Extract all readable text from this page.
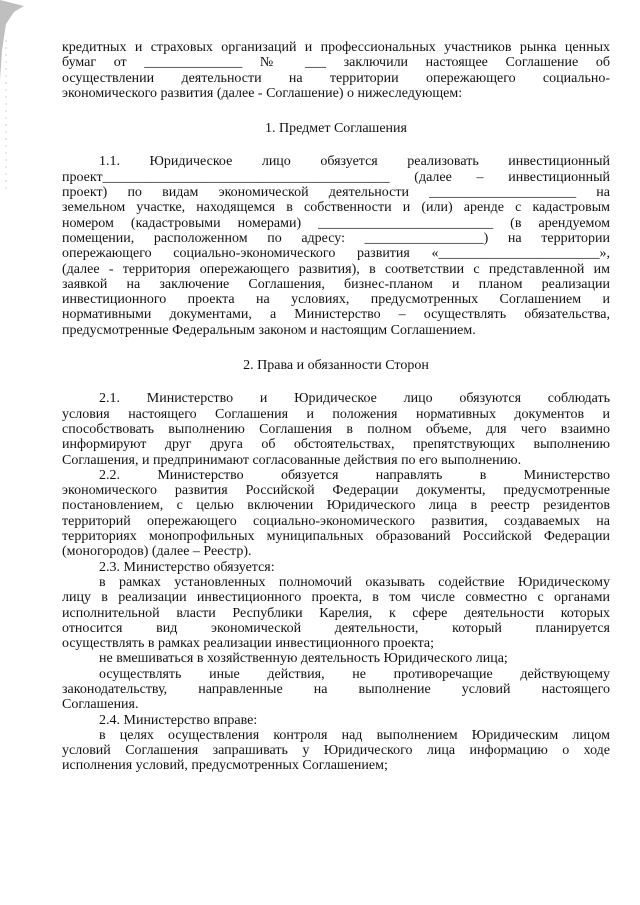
кредитных и страховых организаций и профессиональных участников рынка ценных
бумаг от ______________ № ___ заключили настоящее Соглашение об
осуществлении деятельности на территории опережающего социально-
экономического развития (далее - Соглашение) о нижеследующем:
1. Предмет Соглашения
1.1. Юридическое лицо обязуется реализовать инвестиционный
проект_________________________________________ (далее – инвестиционный
проект) по видам экономической деятельности _____________________ на
земельном участке, находящемся в собственности и (или) аренде с кадастровым
номером (кадастровыми номерами) _________________________ (в арендуемом
помещении, расположенном по адресу: _________________) на территории
опережающего социально-экономического развития «_______________________»,
(далее - территория опережающего развития), в соответствии с представленной им
заявкой на заключение Соглашения, бизнес-планом и планом реализации
инвестиционного проекта на условиях, предусмотренных Соглашением и
нормативными документами, а Министерство – осуществлять обязательства,
предусмотренные Федеральным законом и настоящим Соглашением.
2. Права и обязанности Сторон
2.1. Министерство и Юридическое лицо обязуются соблюдать
условия настоящего Соглашения и положения нормативных документов и
способствовать выполнению Соглашения в полном объеме, для чего взаимно
информируют друг друга об обстоятельствах, препятствующих выполнению
Соглашения, и предпринимают согласованные действия по его выполнению.
2.2. Министерство обязуется направлять в Министерство
экономического развития Российской Федерации документы, предусмотренные
постановлением, с целью включении Юридического лица в реестр резидентов
территорий опережающего социально-экономического развития, создаваемых на
территориях монопрофильных муниципальных образований Российской Федерации
(моногородов) (далее – Реестр).
2.3. Министерство обязуется:
в рамках установленных полномочий оказывать содействие Юридическому
лицу в реализации инвестиционного проекта, в том числе совместно с органами
исполнительной власти Республики Карелия, к сфере деятельности которых
относится вид экономической деятельности, который планируется
осуществлять в рамках реализации инвестиционного проекта;
не вмешиваться в хозяйственную деятельность Юридического лица;
осуществлять иные действия, не противоречащие действующему
законодательству, направленные на выполнение условий настоящего
Соглашения.
2.4. Министерство вправе:
в целях осуществления контроля над выполнением Юридическим лицом
условий Соглашения запрашивать у Юридического лица информацию о ходе
исполнения условий, предусмотренных Соглашением;
